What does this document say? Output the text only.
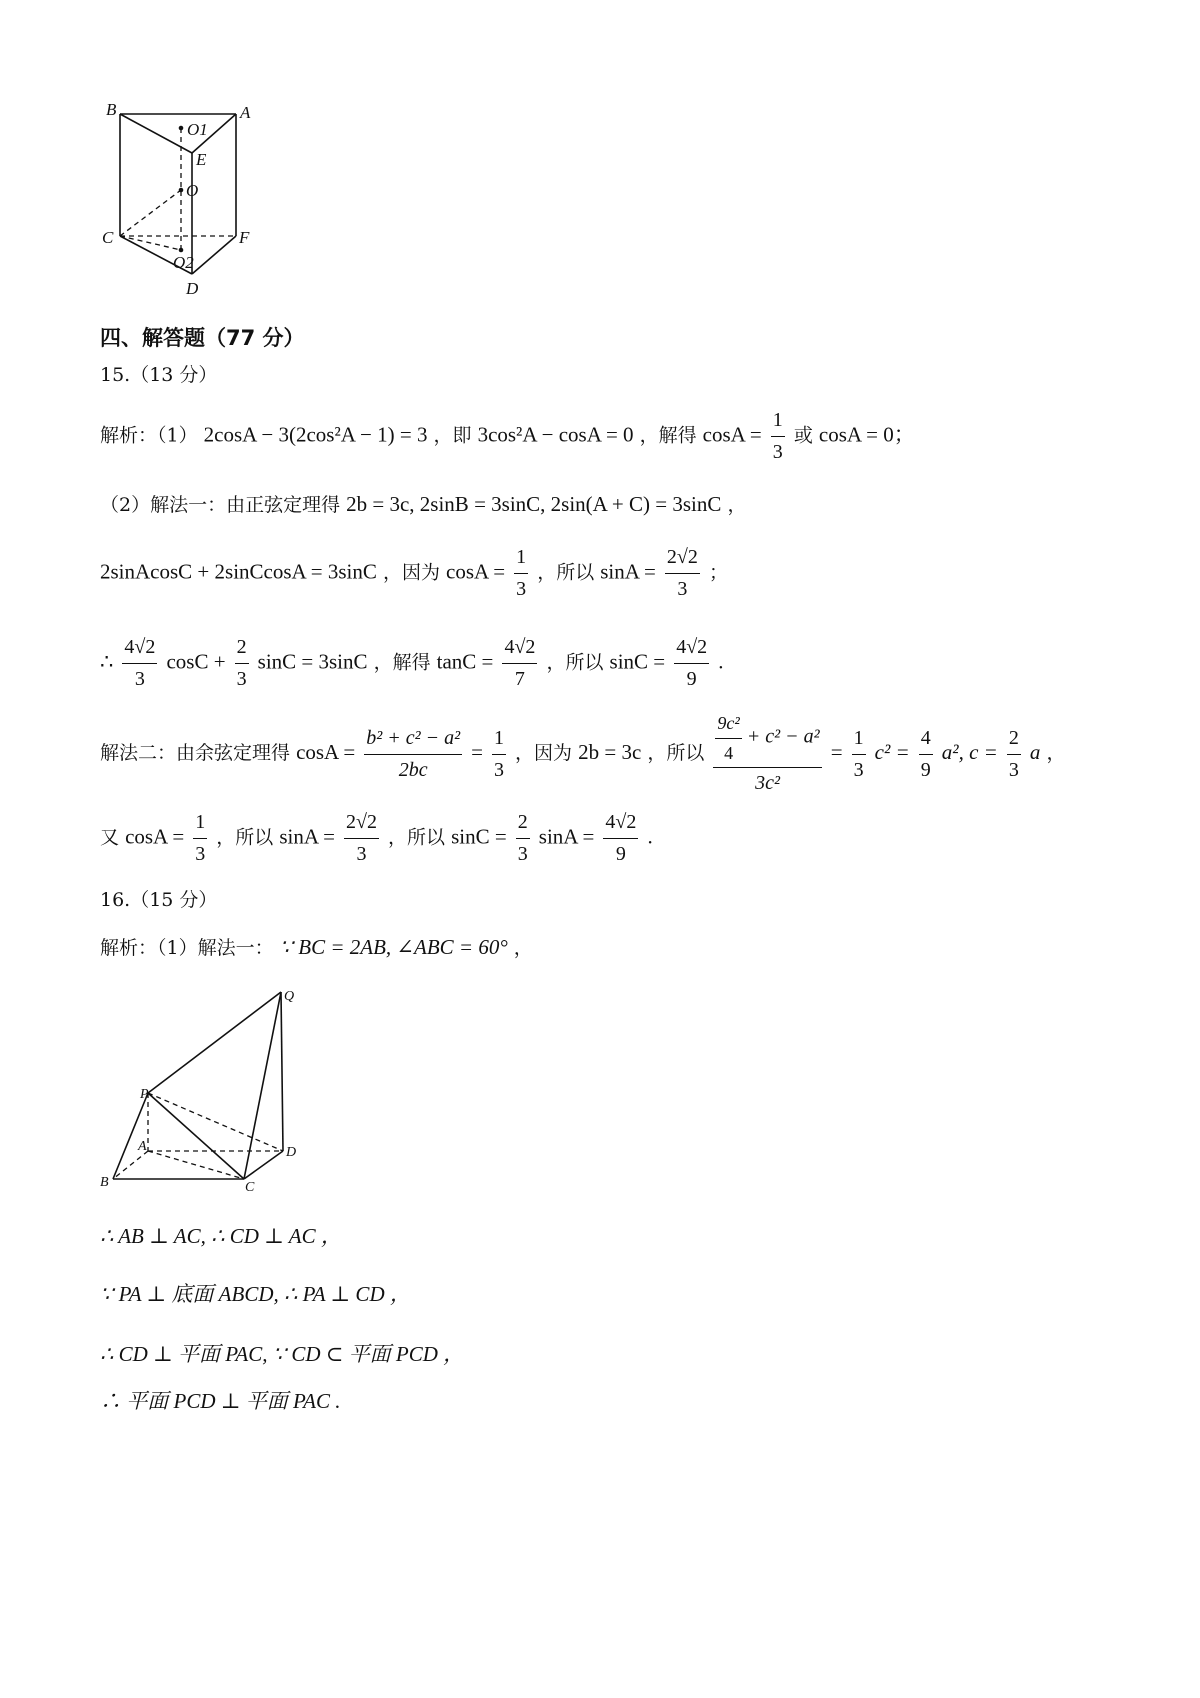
B	A
O1
E
O
C	F
O2
D
四、解答题（77 分）
15.（13 分）
解析：（1） 2cosA − 3(2cos²A − 1) = 3 ，即 3cos²A − cosA = 0 ，解得 $\cos A = \frac{1}{3}$ 或 cosA = 0；
（2）解法一：由正弦定理得 2b = 3c, 2sinB = 3sinC, 2sin(A + C) = 3sinC ，
2sinAcosC + 2sinCcosA = 3sinC ，因为 $\cos A = \frac{1}{3}$ ，所以 $\sin A = \frac{2√2}{3}$ ；
∴ $\frac{4√2}{3}$ $\cos C + \frac{2}{3}$ sinC = 3sinC ，解得 $\tan C = \frac{4√2}{7}$ ，所以 $\sin C = \frac{4√2}{9}$ .
解法二：由余弦定理得 $\cos A = \frac{\text{b² + c² − a²}}{2bc} = \frac{1}{3}$ ，因为 2b = 3c ，所以 $\frac{\frac{\text{9c²}}{4} + c^2 - a^2}{\text{3c²}} = \frac{1}{3} c^2 = \frac{4}{9} a^2$, $c = \frac{2}{3}$ a ，
又 $\cos A = \frac{1}{3}$ ，所以 $\sin A = \frac{2√2}{3}$ ，所以 $\sin C = \frac{2}{3}$ $\sin A = \frac{4√2}{9}$ .
16.（15 分）
解析：（1）解法一： ∵ BC = 2AB, ∠ABC = 60° ，
Q
P
A	D
B	C
∴ AB ⊥ AC, ∴ CD ⊥ AC ，
∵ PA ⊥ 底面 ABCD, ∴ PA ⊥ CD ，
∴ CD ⊥ 平面 PAC, ∵ CD ⊂ 平面 PCD ，
∴ 平面 PCD ⊥ 平面 PAC .
